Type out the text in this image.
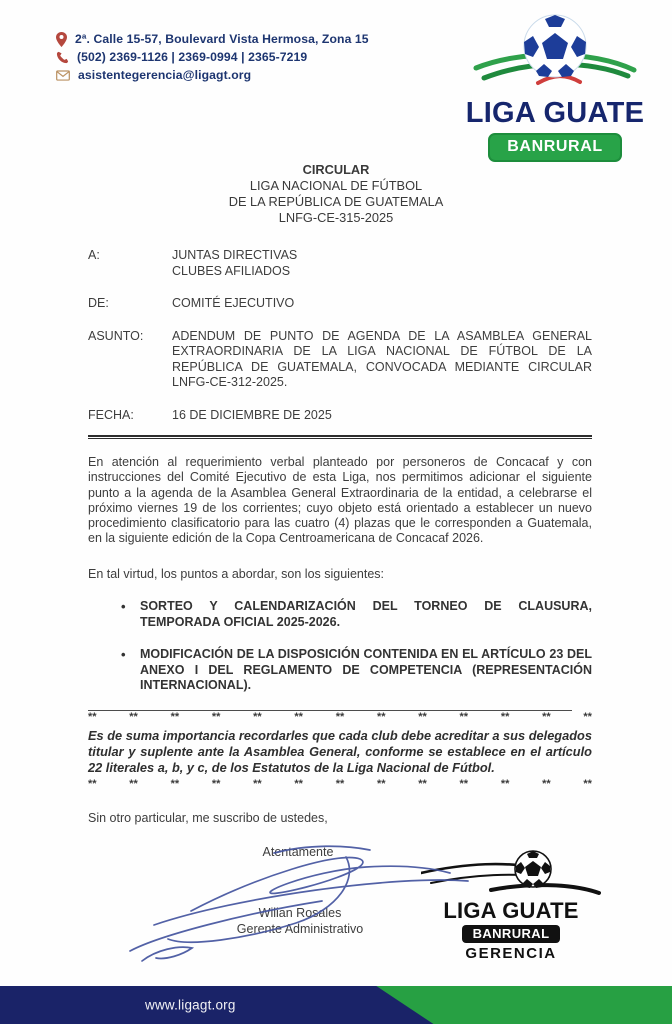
2ª. Calle 15-57, Boulevard Vista Hermosa, Zona 15
(502) 2369-1126 | 2369-0994 | 2365-7219
asistentegerencia@ligagt.org
LIGA GUATE
BANRURAL
CIRCULAR
LIGA NACIONAL DE FÚTBOL
DE LA REPÚBLICA DE GUATEMALA
LNFG-CE-315-2025
A:	JUNTAS DIRECTIVAS
CLUBES AFILIADOS
DE:	COMITÉ EJECUTIVO
ASUNTO:	ADENDUM DE PUNTO DE AGENDA DE LA ASAMBLEA GENERAL EXTRAORDINARIA DE LA LIGA NACIONAL DE FÚTBOL DE LA REPÚBLICA DE GUATEMALA, CONVOCADA MEDIANTE CIRCULAR LNFG-CE-312-2025.
FECHA:	16 DE DICIEMBRE DE 2025

En atención al requerimiento verbal planteado por personeros de Concacaf y con instrucciones del Comité Ejecutivo de esta Liga, nos permitimos adicionar el siguiente punto a la agenda de la Asamblea General Extraordinaria de la entidad, a celebrarse el próximo viernes 19 de los corrientes; cuyo objeto está orientado a establecer un nuevo procedimiento clasificatorio para las cuatro (4) plazas que le corresponden a Guatemala, en la siguiente edición de la Copa Centroamericana de Concacaf 2026.

En tal virtud, los puntos a abordar, son los siguientes:

• SORTEO Y CALENDARIZACIÓN DEL TORNEO DE CLAUSURA, TEMPORADA OFICIAL 2025-2026.
• MODIFICACIÓN DE LA DISPOSICIÓN CONTENIDA EN EL ARTÍCULO 23 DEL ANEXO I DEL REGLAMENTO DE COMPETENCIA (REPRESENTACIÓN INTERNACIONAL).
**	**	**	**	**	**	**	**	**	**	**	**	**
Es de suma importancia recordarles que cada club debe acreditar a sus delegados titular y suplente ante la Asamblea General, conforme se establece en el artículo 22 literales a, b, y c, de los Estatutos de la Liga Nacional de Fútbol.
**	**	**	**	**	**	**	**	**	**	**	**	**

Sin otro particular, me suscribo de ustedes,

Atentamente
Wilian Rosales
Gerente Administrativo
LIGA GUATE
BANRURAL
GERENCIA
www.ligagt.org
